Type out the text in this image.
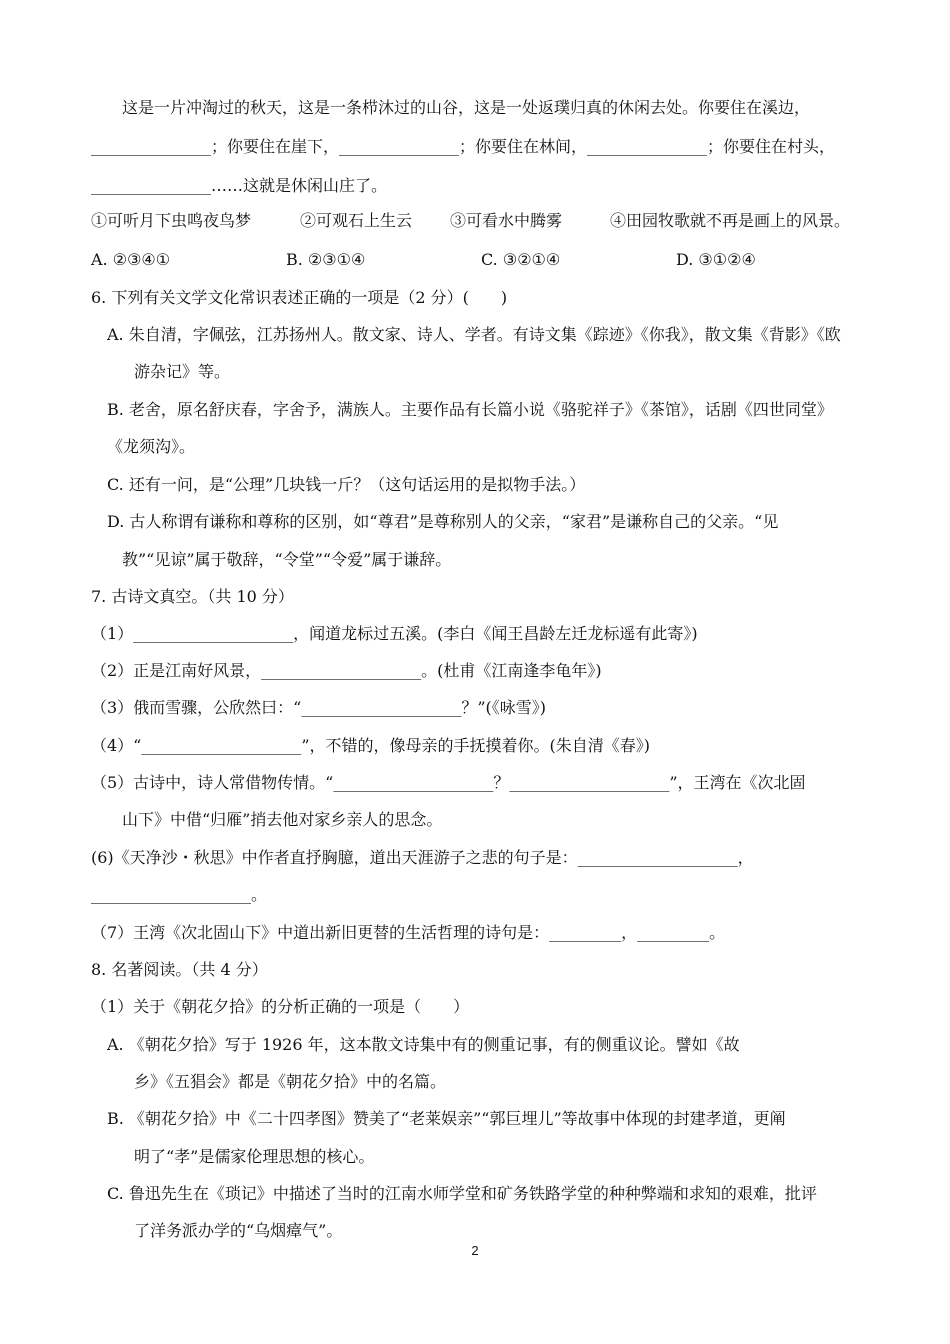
这是一片冲淘过的秋天，这是一条栉沐过的山谷，这是一处返璞归真的休闲去处。你要住在溪边，
_______________；你要住在崖下，_______________；你要住在林间，_______________；你要住在村头，
_______________……这就是休闲山庄了。
①可听月下虫鸣夜鸟梦	②可观石上生云 ③可看水中腾雾	④田园牧歌就不再是画上的风景。
A. ②③④①	B. ②③①④	C. ③②①④	D. ③①②④
6. 下列有关文学文化常识表述正确的一项是（2 分）(　　)
A. 朱自清，字佩弦，江苏扬州人。散文家、诗人、学者。有诗文集《踪迹》《你我》，散文集《背影》《欧
游杂记》等。
B. 老舍，原名舒庆春，字舍予，满族人。主要作品有长篇小说《骆驼祥子》《茶馆》，话剧《四世同堂》
《龙须沟》。
C. 还有一问，是“公理”几块钱一斤？（这句话运用的是拟物手法。）
D. 古人称谓有谦称和尊称的区别，如“尊君”是尊称别人的父亲，“家君”是谦称自己的父亲。“见
教”“见谅”属于敬辞，“令堂”“令爱”属于谦辞。
7. 古诗文真空。（共 10 分）
（1）____________________，闻道龙标过五溪。(李白《闻王昌龄左迁龙标遥有此寄》)
（2）正是江南好风景，____________________。(杜甫《江南逢李龟年》)
（3）俄而雪骤，公欣然曰：“____________________？”(《咏雪》)
（4）“____________________”，不错的，像母亲的手抚摸着你。(朱自清《春》)
（5）古诗中，诗人常借物传情。“____________________？____________________”，王湾在《次北固
山下》中借“归雁”捎去他对家乡亲人的思念。
(6)《天净沙・秋思》中作者直抒胸臆，道出天涯游子之悲的句子是：____________________，
____________________。
（7）王湾《次北固山下》中道出新旧更替的生活哲理的诗句是：_________，_________。
8. 名著阅读。（共 4 分）
（1）关于《朝花夕拾》的分析正确的一项是（　　）
A. 《朝花夕拾》写于 1926 年，这本散文诗集中有的侧重记事，有的侧重议论。譬如《故
乡》《五猖会》都是《朝花夕拾》中的名篇。
B. 《朝花夕拾》中《二十四孝图》赞美了“老莱娱亲”“郭巨埋儿”等故事中体现的封建孝道，更阐
明了“孝”是儒家伦理思想的核心。
C. 鲁迅先生在《琐记》中描述了当时的江南水师学堂和矿务铁路学堂的种种弊端和求知的艰难，批评
了洋务派办学的“乌烟瘴气”。
2
